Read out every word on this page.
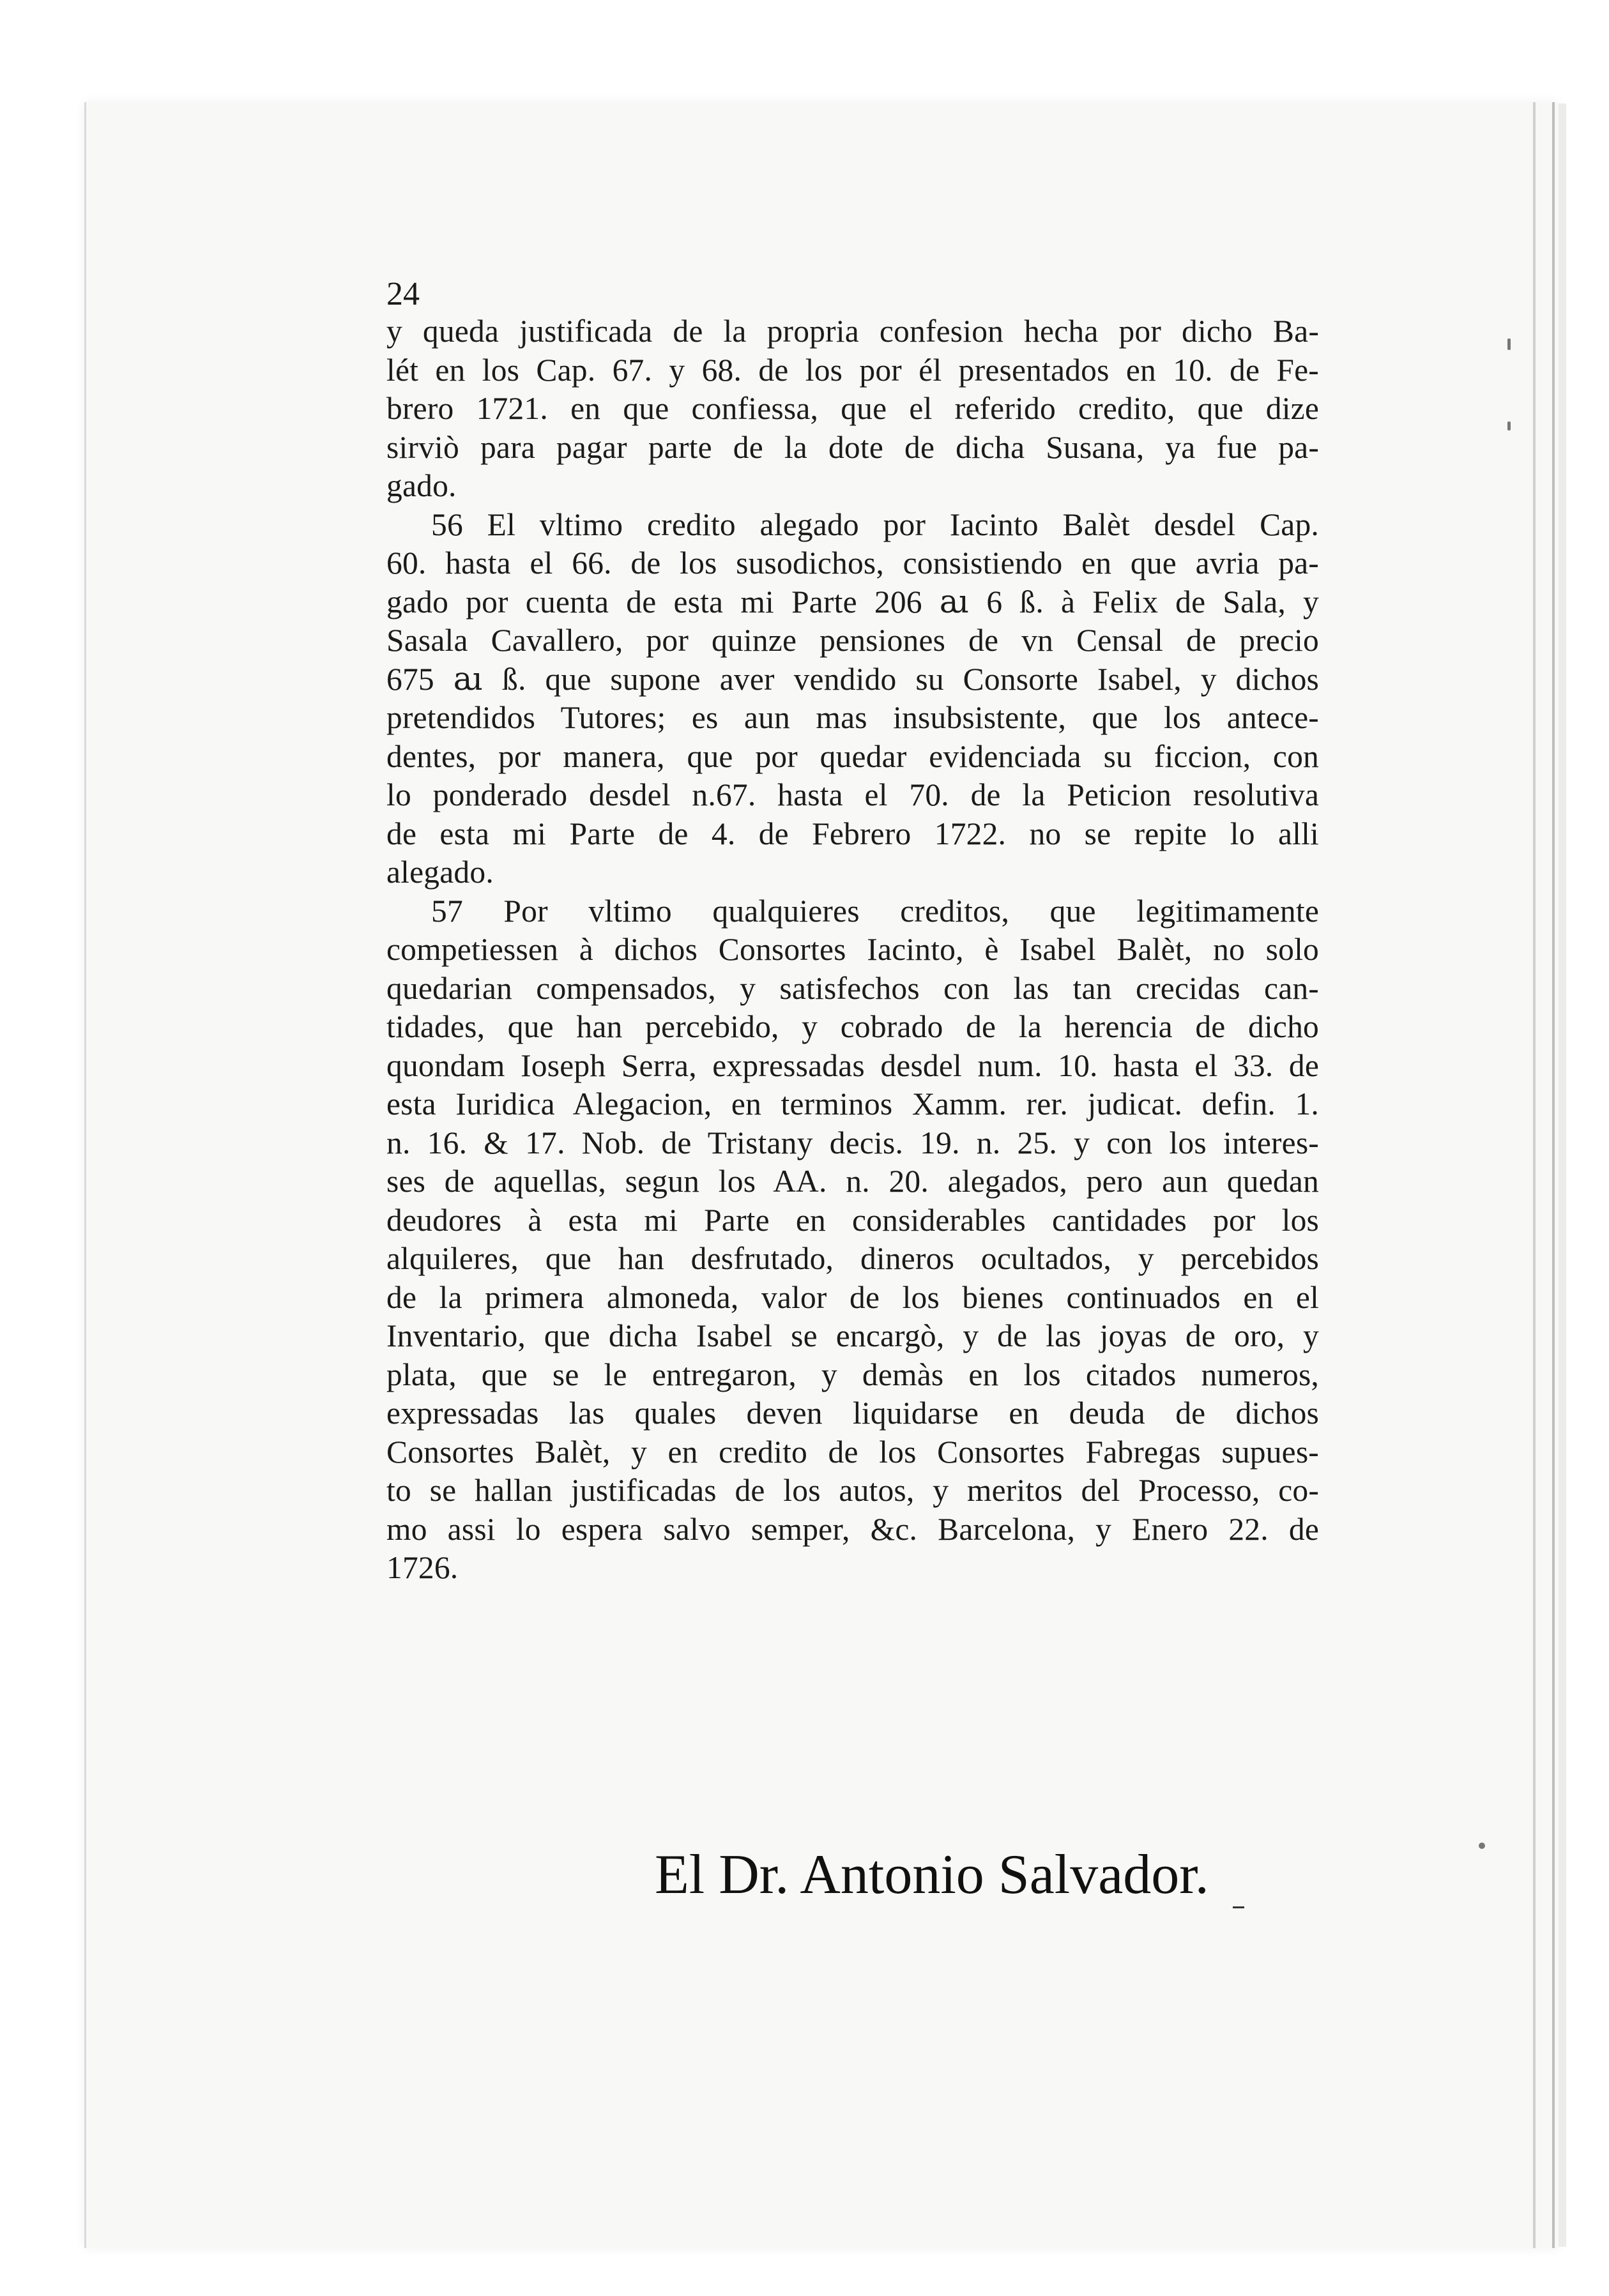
24
y queda justificada de la propria confesion hecha por dicho Ba-
lét en los Cap. 67. y 68. de los por él presentados en 10. de Fe-
brero 1721. en que confiessa, que el referido credito, que dize
sirviò para pagar parte de la dote de dicha Susana, ya fue pa-
gado.
56 El vltimo credito alegado por Iacinto Balèt desdel Cap.
60. hasta el 66. de los susodichos, consistiendo en que avria pa-
gado por cuenta de esta mi Parte 206 ꜷ 6 ß. à Felix de Sala, y
Sasala Cavallero, por quinze pensiones de vn Censal de precio
675 ꜷ ß. que supone aver vendido su Consorte Isabel, y dichos
pretendidos Tutores; es aun mas insubsistente, que los antece-
dentes, por manera, que por quedar evidenciada su ficcion, con
lo ponderado desdel n.67. hasta el 70. de la Peticion resolutiva
de esta mi Parte de 4. de Febrero 1722. no se repite lo alli
alegado.
57 Por vltimo qualquieres creditos, que legitimamente
competiessen à dichos Consortes Iacinto, è Isabel Balèt, no solo
quedarian compensados, y satisfechos con las tan crecidas can-
tidades, que han percebido, y cobrado de la herencia de dicho
quondam Ioseph Serra, expressadas desdel num. 10. hasta el 33. de
esta Iuridica Alegacion, en terminos Xamm. rer. judicat. defin. 1.
n. 16. & 17. Nob. de Tristany decis. 19. n. 25. y con los interes-
ses de aquellas, segun los AA. n. 20. alegados, pero aun quedan
deudores à esta mi Parte en considerables cantidades por los
alquileres, que han desfrutado, dineros ocultados, y percebidos
de la primera almoneda, valor de los bienes continuados en el
Inventario, que dicha Isabel se encargò, y de las joyas de oro, y
plata, que se le entregaron, y demàs en los citados numeros,
expressadas las quales deven liquidarse en deuda de dichos
Consortes Balèt, y en credito de los Consortes Fabregas supues-
to se hallan justificadas de los autos, y meritos del Processo, co-
mo assi lo espera salvo semper, &c. Barcelona, y Enero 22. de
1726.
El Dr. Antonio Salvador.
